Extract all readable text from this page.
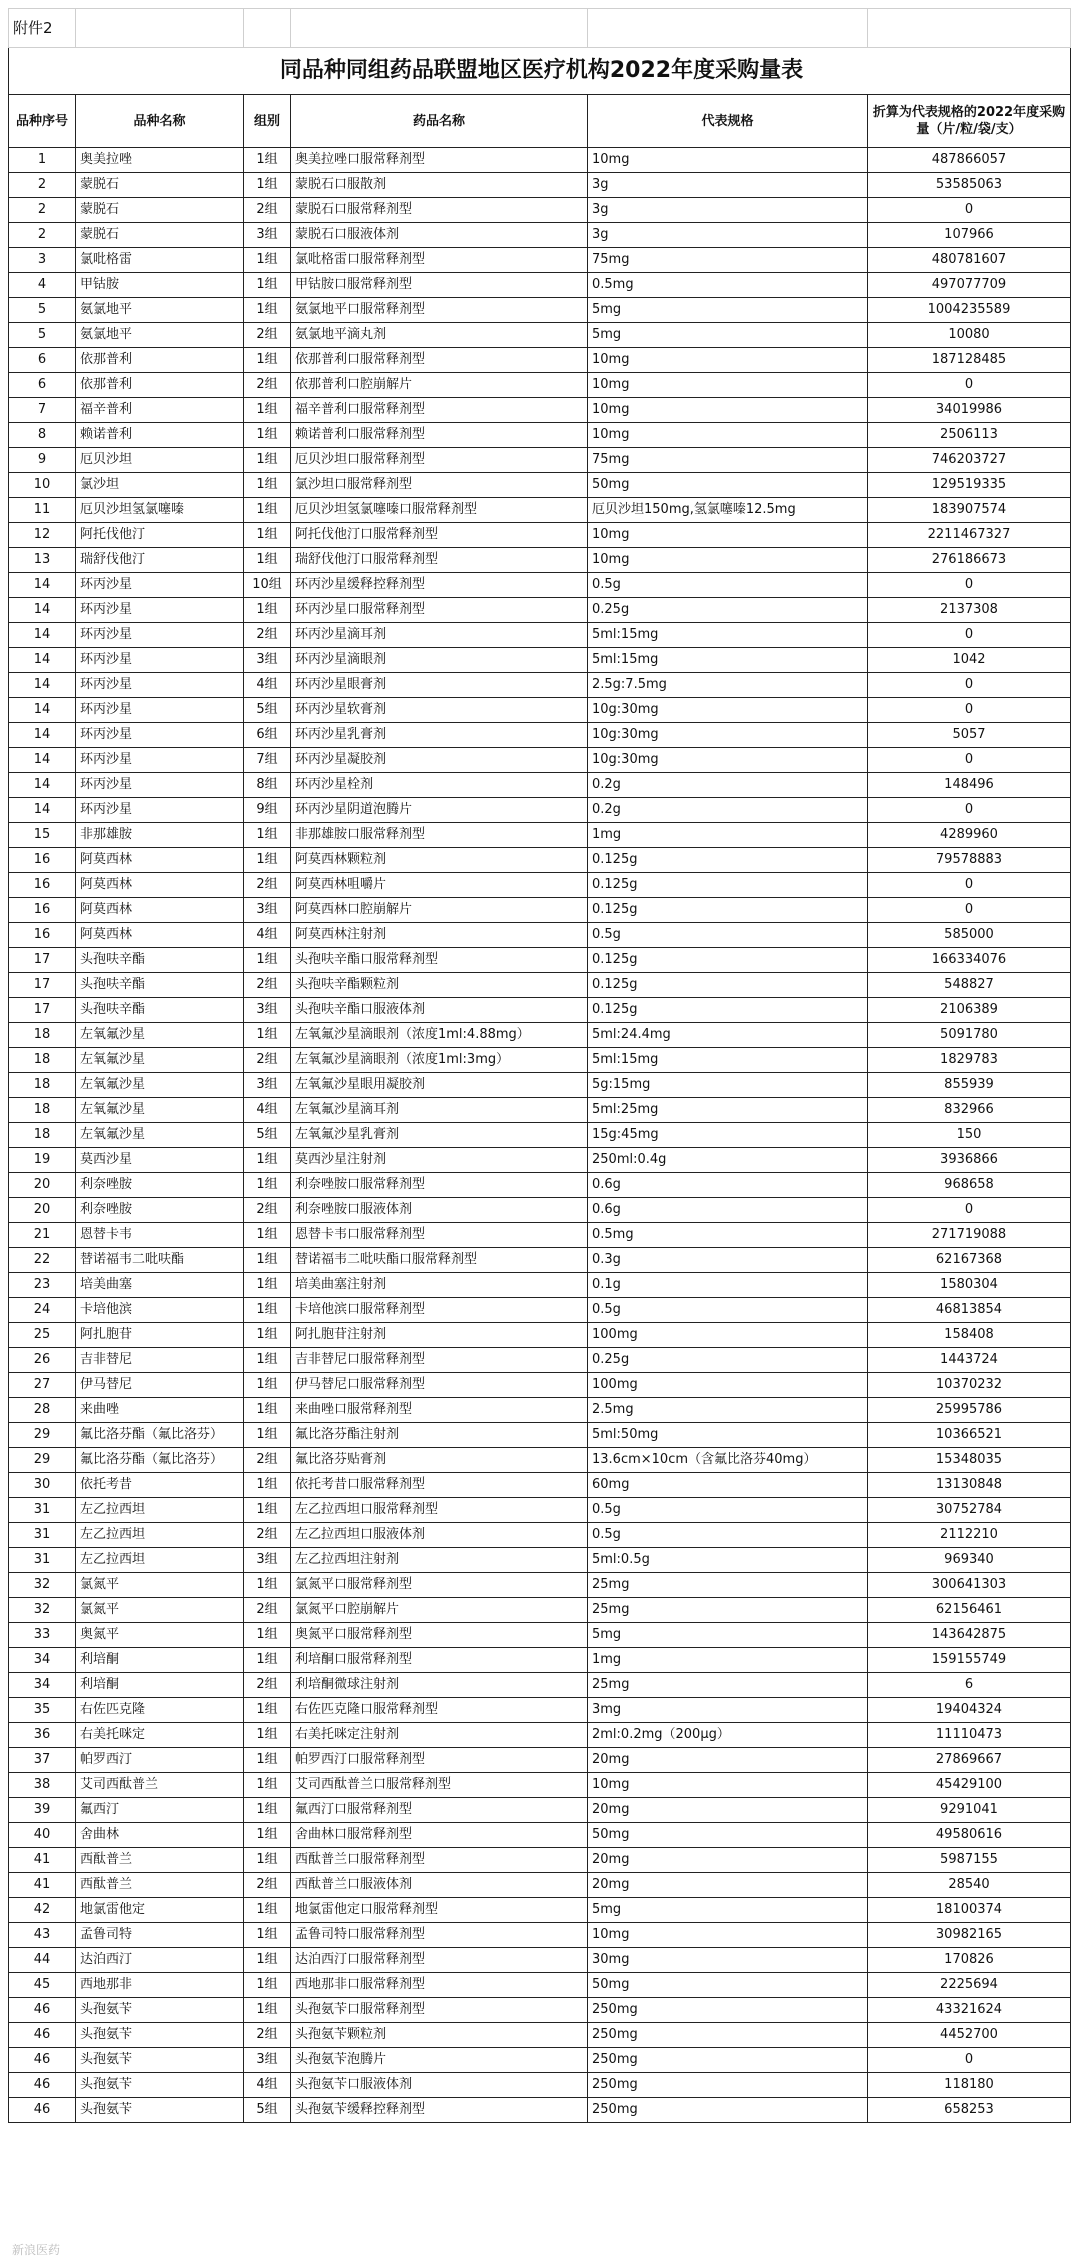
附件2					
同品种同组药品联盟地区医疗机构2022年度采购量表					
品种序号	品种名称	组别	药品名称	代表规格	折算为代表规格的2022年度采购量（片/粒/袋/支）
1	奥美拉唑	1组	奥美拉唑口服常释剂型	10mg	487866057
2	蒙脱石	1组	蒙脱石口服散剂	3g	53585063
2	蒙脱石	2组	蒙脱石口服常释剂型	3g	0
2	蒙脱石	3组	蒙脱石口服液体剂	3g	107966
3	氯吡格雷	1组	氯吡格雷口服常释剂型	75mg	480781607
4	甲钴胺	1组	甲钴胺口服常释剂型	0.5mg	497077709
5	氨氯地平	1组	氨氯地平口服常释剂型	5mg	1004235589
5	氨氯地平	2组	氨氯地平滴丸剂	5mg	10080
6	依那普利	1组	依那普利口服常释剂型	10mg	187128485
6	依那普利	2组	依那普利口腔崩解片	10mg	0
7	福辛普利	1组	福辛普利口服常释剂型	10mg	34019986
8	赖诺普利	1组	赖诺普利口服常释剂型	10mg	2506113
9	厄贝沙坦	1组	厄贝沙坦口服常释剂型	75mg	746203727
10	氯沙坦	1组	氯沙坦口服常释剂型	50mg	129519335
11	厄贝沙坦氢氯噻嗪	1组	厄贝沙坦氢氯噻嗪口服常释剂型	厄贝沙坦150mg,氢氯噻嗪12.5mg	183907574
12	阿托伐他汀	1组	阿托伐他汀口服常释剂型	10mg	2211467327
13	瑞舒伐他汀	1组	瑞舒伐他汀口服常释剂型	10mg	276186673
14	环丙沙星	10组	环丙沙星缓释控释剂型	0.5g	0
14	环丙沙星	1组	环丙沙星口服常释剂型	0.25g	2137308
14	环丙沙星	2组	环丙沙星滴耳剂	5ml:15mg	0
14	环丙沙星	3组	环丙沙星滴眼剂	5ml:15mg	1042
14	环丙沙星	4组	环丙沙星眼膏剂	2.5g:7.5mg	0
14	环丙沙星	5组	环丙沙星软膏剂	10g:30mg	0
14	环丙沙星	6组	环丙沙星乳膏剂	10g:30mg	5057
14	环丙沙星	7组	环丙沙星凝胶剂	10g:30mg	0
14	环丙沙星	8组	环丙沙星栓剂	0.2g	148496
14	环丙沙星	9组	环丙沙星阴道泡腾片	0.2g	0
15	非那雄胺	1组	非那雄胺口服常释剂型	1mg	4289960
16	阿莫西林	1组	阿莫西林颗粒剂	0.125g	79578883
16	阿莫西林	2组	阿莫西林咀嚼片	0.125g	0
16	阿莫西林	3组	阿莫西林口腔崩解片	0.125g	0
16	阿莫西林	4组	阿莫西林注射剂	0.5g	585000
17	头孢呋辛酯	1组	头孢呋辛酯口服常释剂型	0.125g	166334076
17	头孢呋辛酯	2组	头孢呋辛酯颗粒剂	0.125g	548827
17	头孢呋辛酯	3组	头孢呋辛酯口服液体剂	0.125g	2106389
18	左氧氟沙星	1组	左氧氟沙星滴眼剂（浓度1ml:4.88mg）	5ml:24.4mg	5091780
18	左氧氟沙星	2组	左氧氟沙星滴眼剂（浓度1ml:3mg）	5ml:15mg	1829783
18	左氧氟沙星	3组	左氧氟沙星眼用凝胶剂	5g:15mg	855939
18	左氧氟沙星	4组	左氧氟沙星滴耳剂	5ml:25mg	832966
18	左氧氟沙星	5组	左氧氟沙星乳膏剂	15g:45mg	150
19	莫西沙星	1组	莫西沙星注射剂	250ml:0.4g	3936866
20	利奈唑胺	1组	利奈唑胺口服常释剂型	0.6g	968658
20	利奈唑胺	2组	利奈唑胺口服液体剂	0.6g	0
21	恩替卡韦	1组	恩替卡韦口服常释剂型	0.5mg	271719088
22	替诺福韦二吡呋酯	1组	替诺福韦二吡呋酯口服常释剂型	0.3g	62167368
23	培美曲塞	1组	培美曲塞注射剂	0.1g	1580304
24	卡培他滨	1组	卡培他滨口服常释剂型	0.5g	46813854
25	阿扎胞苷	1组	阿扎胞苷注射剂	100mg	158408
26	吉非替尼	1组	吉非替尼口服常释剂型	0.25g	1443724
27	伊马替尼	1组	伊马替尼口服常释剂型	100mg	10370232
28	来曲唑	1组	来曲唑口服常释剂型	2.5mg	25995786
29	氟比洛芬酯（氟比洛芬）	1组	氟比洛芬酯注射剂	5ml:50mg	10366521
29	氟比洛芬酯（氟比洛芬）	2组	氟比洛芬贴膏剂	13.6cm×10cm（含氟比洛芬40mg）	15348035
30	依托考昔	1组	依托考昔口服常释剂型	60mg	13130848
31	左乙拉西坦	1组	左乙拉西坦口服常释剂型	0.5g	30752784
31	左乙拉西坦	2组	左乙拉西坦口服液体剂	0.5g	2112210
31	左乙拉西坦	3组	左乙拉西坦注射剂	5ml:0.5g	969340
32	氯氮平	1组	氯氮平口服常释剂型	25mg	300641303
32	氯氮平	2组	氯氮平口腔崩解片	25mg	62156461
33	奥氮平	1组	奥氮平口服常释剂型	5mg	143642875
34	利培酮	1组	利培酮口服常释剂型	1mg	159155749
34	利培酮	2组	利培酮微球注射剂	25mg	6
35	右佐匹克隆	1组	右佐匹克隆口服常释剂型	3mg	19404324
36	右美托咪定	1组	右美托咪定注射剂	2ml:0.2mg（200μg）	11110473
37	帕罗西汀	1组	帕罗西汀口服常释剂型	20mg	27869667
38	艾司西酞普兰	1组	艾司西酞普兰口服常释剂型	10mg	45429100
39	氟西汀	1组	氟西汀口服常释剂型	20mg	9291041
40	舍曲林	1组	舍曲林口服常释剂型	50mg	49580616
41	西酞普兰	1组	西酞普兰口服常释剂型	20mg	5987155
41	西酞普兰	2组	西酞普兰口服液体剂	20mg	28540
42	地氯雷他定	1组	地氯雷他定口服常释剂型	5mg	18100374
43	孟鲁司特	1组	孟鲁司特口服常释剂型	10mg	30982165
44	达泊西汀	1组	达泊西汀口服常释剂型	30mg	170826
45	西地那非	1组	西地那非口服常释剂型	50mg	2225694
46	头孢氨苄	1组	头孢氨苄口服常释剂型	250mg	43321624
46	头孢氨苄	2组	头孢氨苄颗粒剂	250mg	4452700
46	头孢氨苄	3组	头孢氨苄泡腾片	250mg	0
46	头孢氨苄	4组	头孢氨苄口服液体剂	250mg	118180
46	头孢氨苄	5组	头孢氨苄缓释控释剂型	250mg	658253
新浪医药
